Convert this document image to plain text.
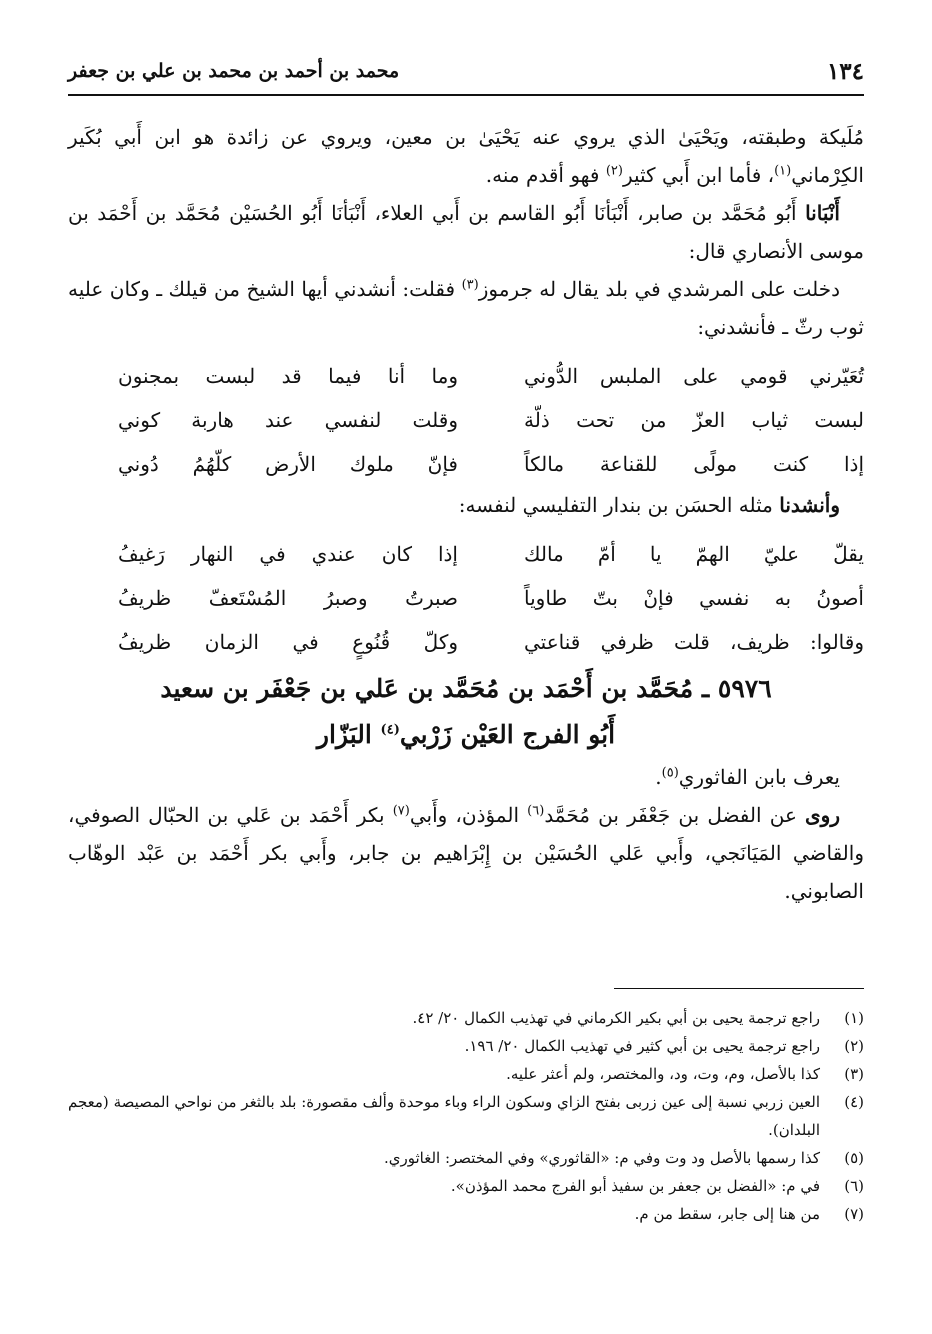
١٣٤
محمد بن أحمد بن محمد بن علي بن جعفر

مُلَيكة وطبقته، ويَحْيَىٰ الذي يروي عنه يَحْيَىٰ بن معين، ويروي عن زائدة هو ابن أَبي بُكَير الكِرْماني$^{(١)}$، فأما ابن أَبي كثير$^{(٢)}$ فهو أقدم منه.

أَنْبَانا أَبُو مُحَمَّد بن صابر، أَنْبَأنَا أَبُو القاسم بن أَبي العلاء، أَنْبَأنَا أَبُو الحُسَيْن مُحَمَّد بن أَحْمَد بن موسى الأنصاري قال:

دخلت على المرشدي في بلد يقال له جرموز$^{(٣)}$ فقلت: أنشدني أيها الشيخ من قيلك ـ وكان عليه ثوب رثّ ـ فأنشدني:

تُعَيّرني قومي على الملبس الدُّوني
وما أنا فيما قد لبست بمجنون
لبست ثياب العزّ من تحت ذلّة
وقلت لنفسي عند هاربة كوني
إذا كنت مولًى للقناعة مالكاً
فإنّ ملوك الأرض كلّهُمُ دُوني

وأنشدنا مثله الحسَن بن بندار التفليسي لنفسه:

يقلّ عليّ الهمّ يا أمّ مالك
إذا كان عندي في النهار رَغيفُ
أصونُ به نفسي فإنْ بتّ طاوياً
صبرتُ وصبرُ المُسْتَعفّ ظريفُ
وقالوا: ظريف، قلت ظرفي قناعتي
وكلّ قُنُوعٍ في الزمان ظريفُ
٥٩٧٦ ـ مُحَمَّد بن أَحْمَد بن مُحَمَّد بن عَلي بن جَعْفَر بن سعيد
أَبُو الفرج العَيْن زَرْبي$^{(٤)}$ البَزّار

يعرف بابن الفاثوري$^{(٥)}$.

روى عن الفضل بن جَعْفَر بن مُحَمَّد$^{(٦)}$ المؤذن، وأَبي$^{(٧)}$ بكر أَحْمَد بن عَلي بن الحبّال الصوفي، والقاضي المَيَانَجي، وأَبي عَلي الحُسَيْن بن إِبْرَاهيم بن جابر، وأَبي بكر أَحْمَد بن عَبْد الوهّاب الصابوني.

(١)
راجع ترجمة يحيى بن أبي بكير الكرماني في تهذيب الكمال ٢٠/ ٤٢.
(٢)
راجع ترجمة يحيى بن أبي كثير في تهذيب الكمال ٢٠/ ١٩٦.
(٣)
كذا بالأصل، وم، وت، ود، والمختصر، ولم أعثر عليه.
(٤)
العين زربي نسبة إلى عين زربى بفتح الزاي وسكون الراء وباء موحدة وألف مقصورة: بلد بالثغر من نواحي المصيصة (معجم البلدان).
(٥)
كذا رسمها بالأصل ود وت وفي م: «القاثوري» وفي المختصر: الغاثوري.
(٦)
في م: «الفضل بن جعفر بن سفيذ أبو الفرج محمد المؤذن».
(٧)
من هنا إلى جابر، سقط من م.
